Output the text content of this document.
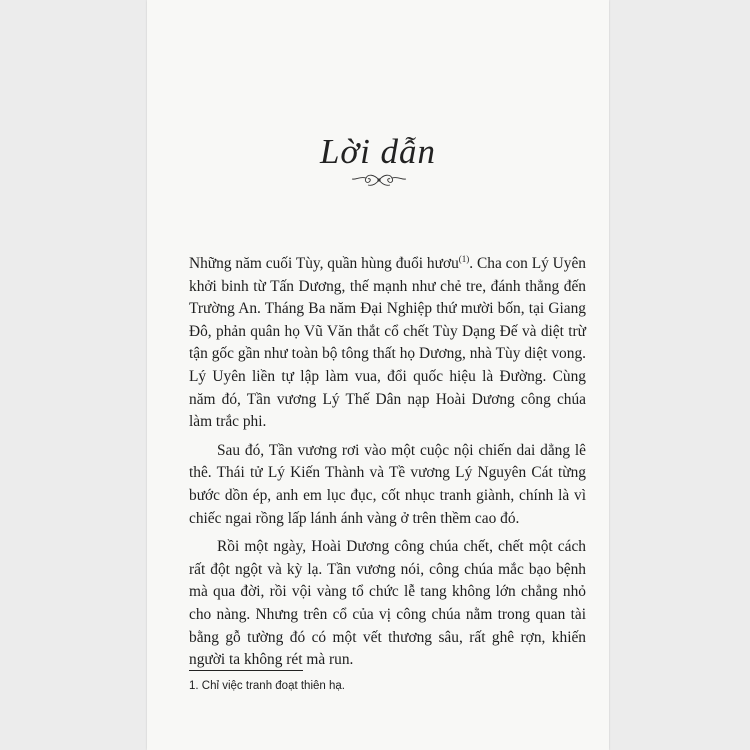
Lời dẫn

Những năm cuối Tùy, quần hùng đuổi hươu$^{(1)}$. Cha con Lý Uyên khởi binh từ Tấn Dương, thế mạnh như chẻ tre, đánh thẳng đến Trường An. Tháng Ba năm Đại Nghiệp thứ mười bốn, tại Giang Đô, phản quân họ Vũ Văn thắt cổ chết Tùy Dạng Đế và diệt trừ tận gốc gần như toàn bộ tông thất họ Dương, nhà Tùy diệt vong. Lý Uyên liền tự lập làm vua, đổi quốc hiệu là Đường. Cùng năm đó, Tần vương Lý Thế Dân nạp Hoài Dương công chúa làm trắc phi.

Sau đó, Tần vương rơi vào một cuộc nội chiến dai dẳng lê thê. Thái tử Lý Kiến Thành và Tề vương Lý Nguyên Cát từng bước dồn ép, anh em lục đục, cốt nhục tranh giành, chính là vì chiếc ngai rồng lấp lánh ánh vàng ở trên thềm cao đó.

Rồi một ngày, Hoài Dương công chúa chết, chết một cách rất đột ngột và kỳ lạ. Tần vương nói, công chúa mắc bạo bệnh mà qua đời, rồi vội vàng tổ chức lễ tang không lớn chẳng nhỏ cho nàng. Nhưng trên cổ của vị công chúa nằm trong quan tài bằng gỗ tường đó có một vết thương sâu, rất ghê rợn, khiến người ta không rét mà run.

1. Chỉ việc tranh đoạt thiên hạ.
